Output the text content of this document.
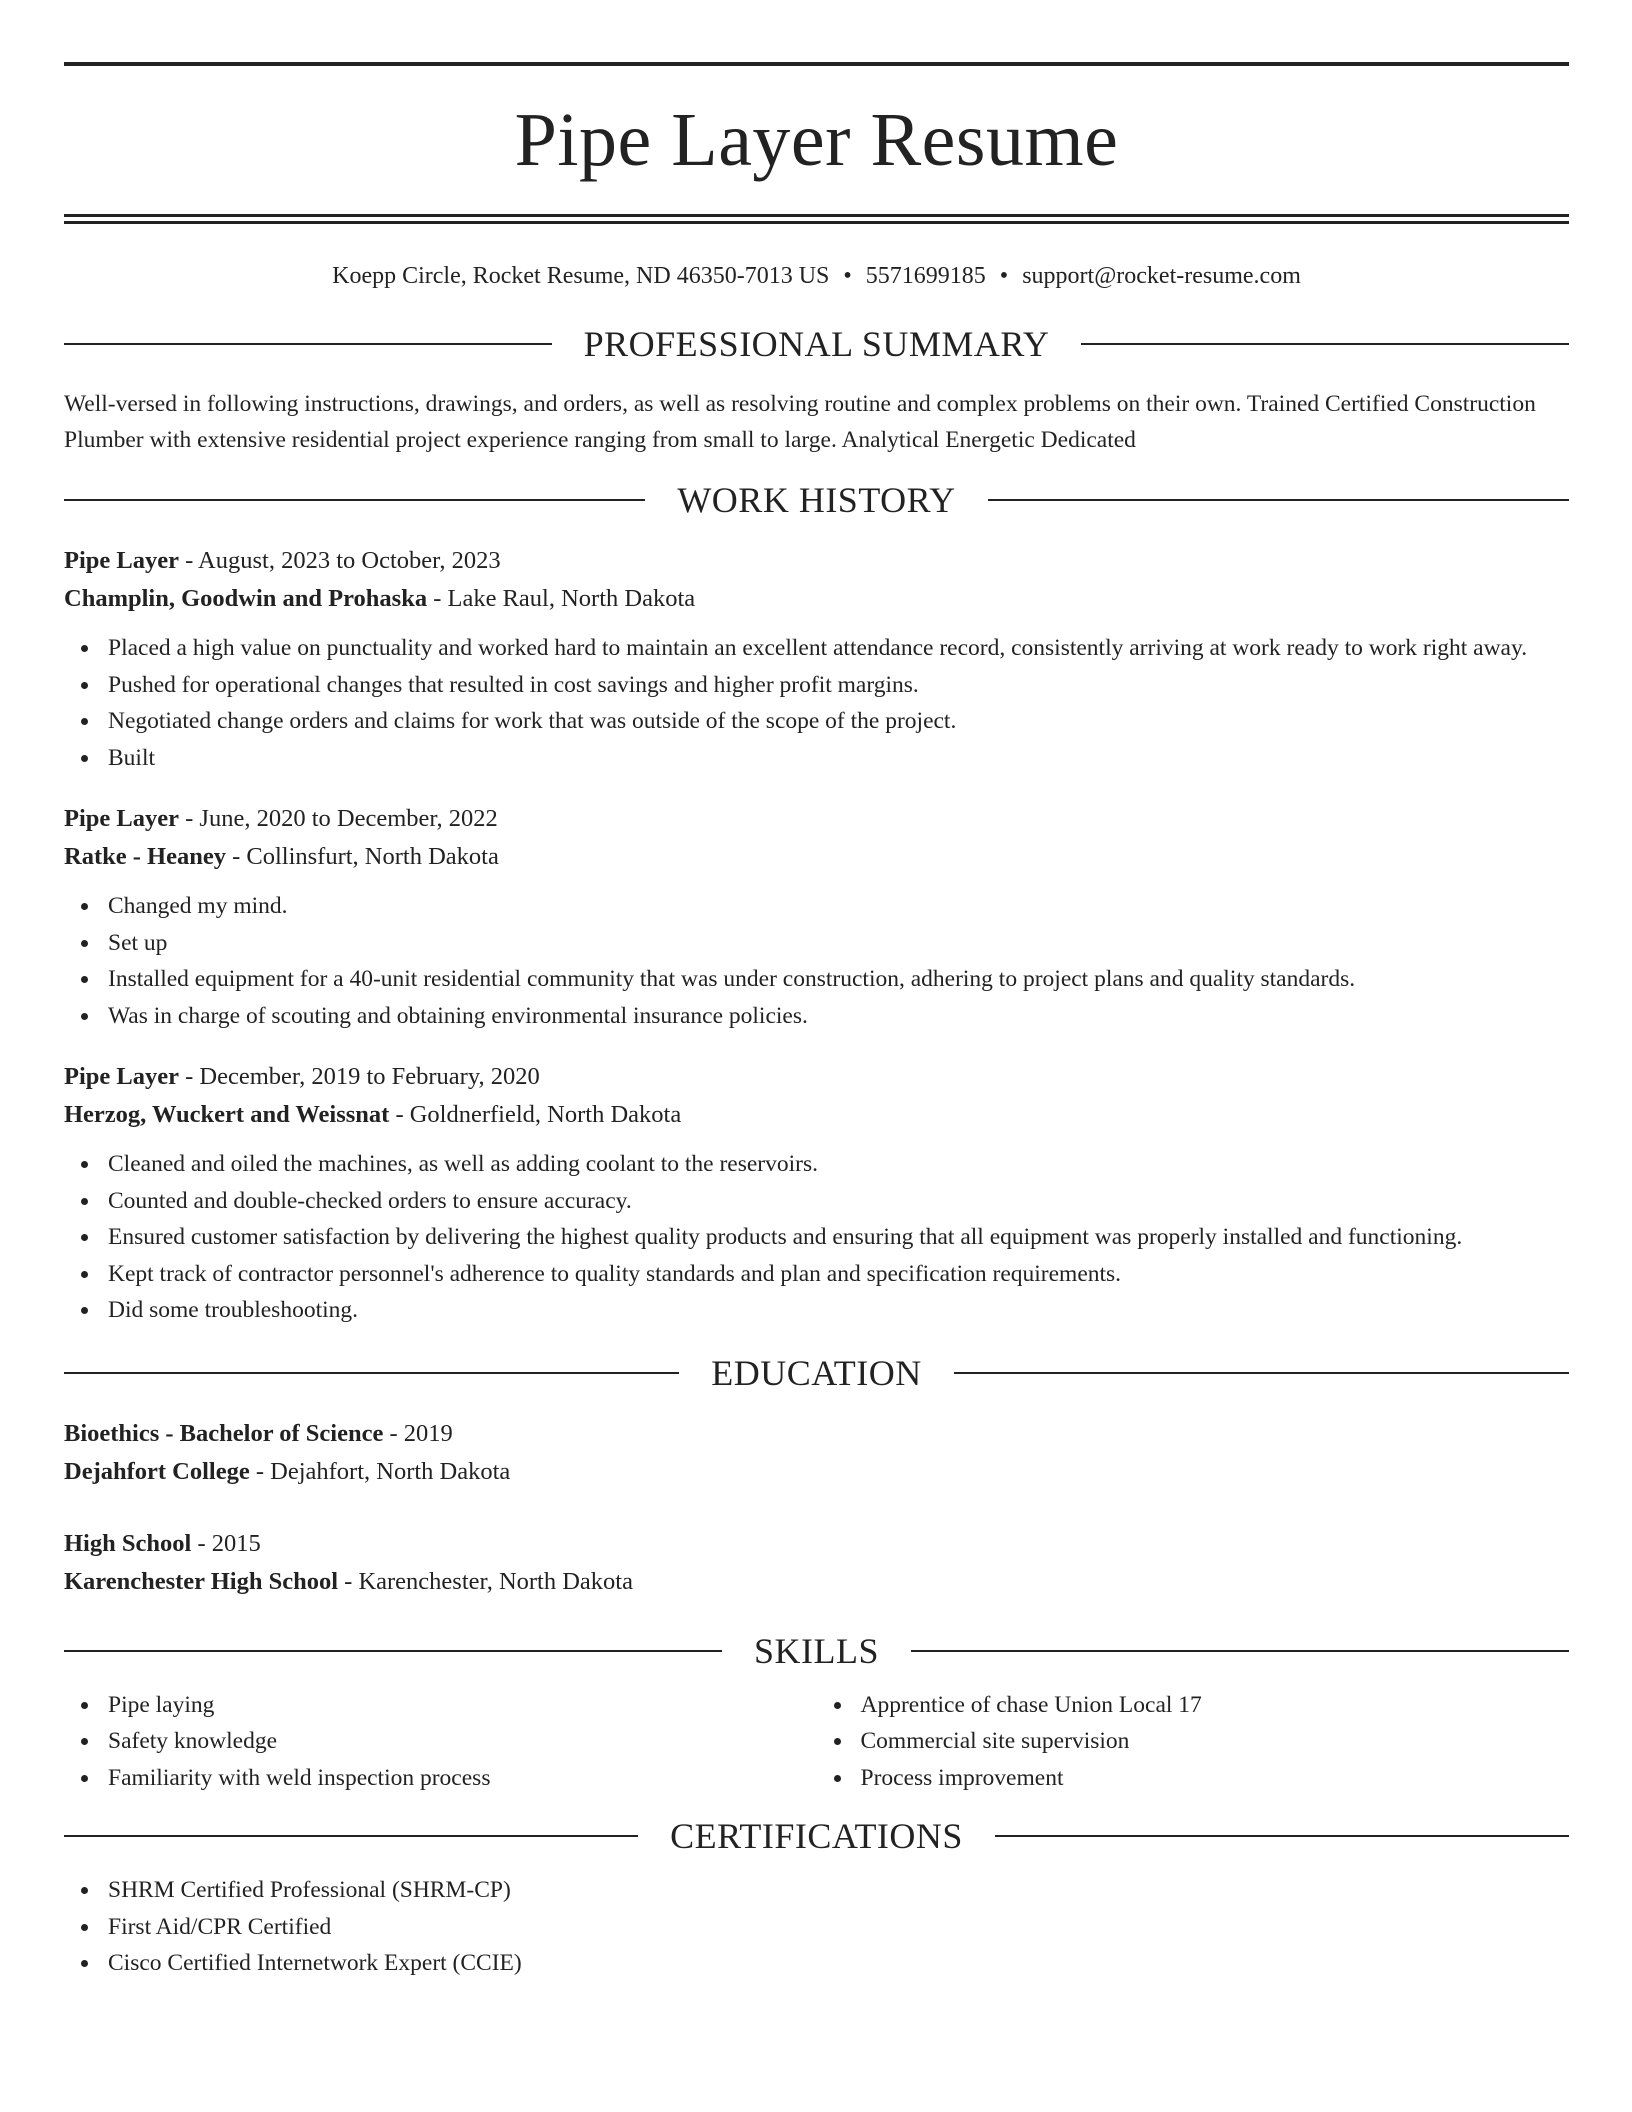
Pipe Layer Resume
Koepp Circle, Rocket Resume, ND 46350-7013 US • 5571699185 • support@rocket-resume.com
PROFESSIONAL SUMMARY

Well-versed in following instructions, drawings, and orders, as well as resolving routine and complex problems on their own. Trained Certified Construction Plumber with extensive residential project experience ranging from small to large. Analytical Energetic Dedicated

WORK HISTORY
Pipe Layer - August, 2023 to October, 2023
Champlin, Goodwin and Prohaska - Lake Raul, North Dakota
Placed a high value on punctuality and worked hard to maintain an excellent attendance record, consistently arriving at work ready to work right away.
Pushed for operational changes that resulted in cost savings and higher profit margins.
Negotiated change orders and claims for work that was outside of the scope of the project.
Built
Pipe Layer - June, 2020 to December, 2022
Ratke - Heaney - Collinsfurt, North Dakota
Changed my mind.
Set up
Installed equipment for a 40-unit residential community that was under construction, adhering to project plans and quality standards.
Was in charge of scouting and obtaining environmental insurance policies.
Pipe Layer - December, 2019 to February, 2020
Herzog, Wuckert and Weissnat - Goldnerfield, North Dakota
Cleaned and oiled the machines, as well as adding coolant to the reservoirs.
Counted and double-checked orders to ensure accuracy.
Ensured customer satisfaction by delivering the highest quality products and ensuring that all equipment was properly installed and functioning.
Kept track of contractor personnel's adherence to quality standards and plan and specification requirements.
Did some troubleshooting.
EDUCATION
Bioethics - Bachelor of Science - 2019
Dejahfort College - Dejahfort, North Dakota
High School - 2015
Karenchester High School - Karenchester, North Dakota
SKILLS
Pipe laying
Safety knowledge
Familiarity with weld inspection process
Apprentice of chase Union Local 17
Commercial site supervision
Process improvement
CERTIFICATIONS
SHRM Certified Professional (SHRM-CP)
First Aid/CPR Certified
Cisco Certified Internetwork Expert (CCIE)
